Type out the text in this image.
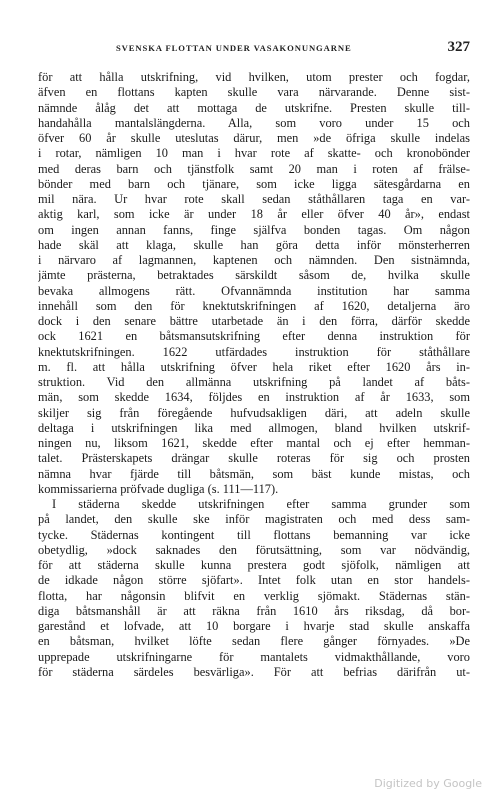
SVENSKA FLOTTAN UNDER VASAKONUNGARNE	327
för att hålla utskrifning, vid hvilken, utom prester och fogdar,
äfven en flottans kapten skulle vara närvarande. Denne sist-
nämnde ålåg det att mottaga de utskrifne. Presten skulle till-
handahålla mantalslängderna. Alla, som voro under 15 och
öfver 60 år skulle uteslutas därur, men »de öfriga skulle indelas
i rotar, nämligen 10 man i hvar rote af skatte- och kronobönder
med deras barn och tjänstfolk samt 20 man i roten af frälse-
bönder med barn och tjänare, som icke ligga sätesgårdarna en
mil nära. Ur hvar rote skall sedan ståthållaren taga en var-
aktig karl, som icke är under 18 år eller öfver 40 år», endast
om ingen annan fanns, finge själfva bonden tagas. Om någon
hade skäl att klaga, skulle han göra detta inför mönsterherren
i närvaro af lagmannen, kaptenen och nämnden. Den sistnämnda,
jämte prästerna, betraktades särskildt såsom de, hvilka skulle
bevaka allmogens rätt. Ofvannämnda institution har samma
innehåll som den för knektutskrifningen af 1620, detaljerna äro
dock i den senare bättre utarbetade än i den förra, därför skedde
ock 1621 en båtsmansutskrifning efter denna instruktion för
knektutskrifningen. 1622 utfärdades instruktion för ståthållare
m. fl. att hålla utskrifning öfver hela riket efter 1620 års in-
struktion. Vid den allmänna utskrifning på landet af båts-
män, som skedde 1634, följdes en instruktion af år 1633, som
skiljer sig från föregående hufvudsakligen däri, att adeln skulle
deltaga i utskrifningen lika med allmogen, bland hvilken utskrif-
ningen nu, liksom 1621, skedde efter mantal och ej efter hemman-
talet. Prästerskapets drängar skulle roteras för sig och prosten
nämna hvar fjärde till båtsmän, som bäst kunde mistas, och
kommissarierna pröfvade dugliga (s. 111—117).
I städerna skedde utskrifningen efter samma grunder som
på landet, den skulle ske inför magistraten och med dess sam-
tycke. Städernas kontingent till flottans bemanning var icke
obetydlig, »dock saknades den förutsättning, som var nödvändig,
för att städerna skulle kunna prestera godt sjöfolk, nämligen att
de idkade någon större sjöfart». Intet folk utan en stor handels-
flotta, har någonsin blifvit en verklig sjömakt. Städernas stän-
diga båtsmanshåll är att räkna från 1610 års riksdag, då bor-
garestånd et lofvade, att 10 borgare i hvarje stad skulle anskaffa
en båtsman, hvilket löfte sedan flere gånger förnyades. »De
upprepade utskrifningarne för mantalets vidmakthållande, voro
för städerna särdeles besvärliga». För att befrias därifrån ut-
Digitized by Google
